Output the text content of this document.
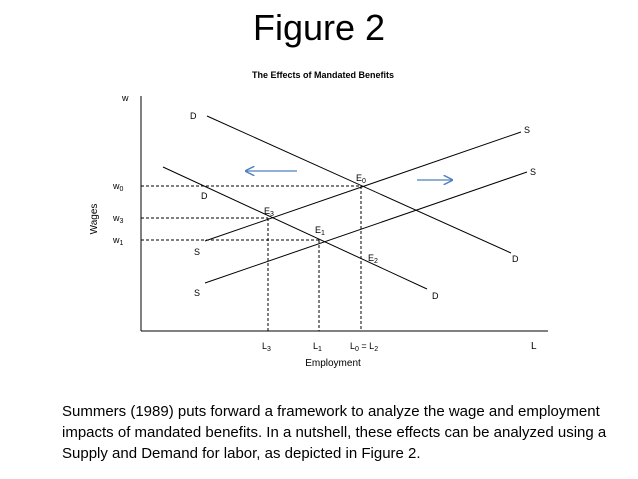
Figure 2
The Effects of Mandated Benefits
w
Wages
L
Employment
D
D
D
D
S
S
S
S
$w_0$
$w_3$
$w_1$
$L_3$	$L_1$	$L_0 = L_2$
$E_0$
$E_3$
$E_1$
$E_2$
Summers (1989) puts forward a framework to analyze the wage and employment impacts of mandated benefits. In a nutshell, these effects can be analyzed using a Supply and Demand for labor, as depicted in Figure 2.
